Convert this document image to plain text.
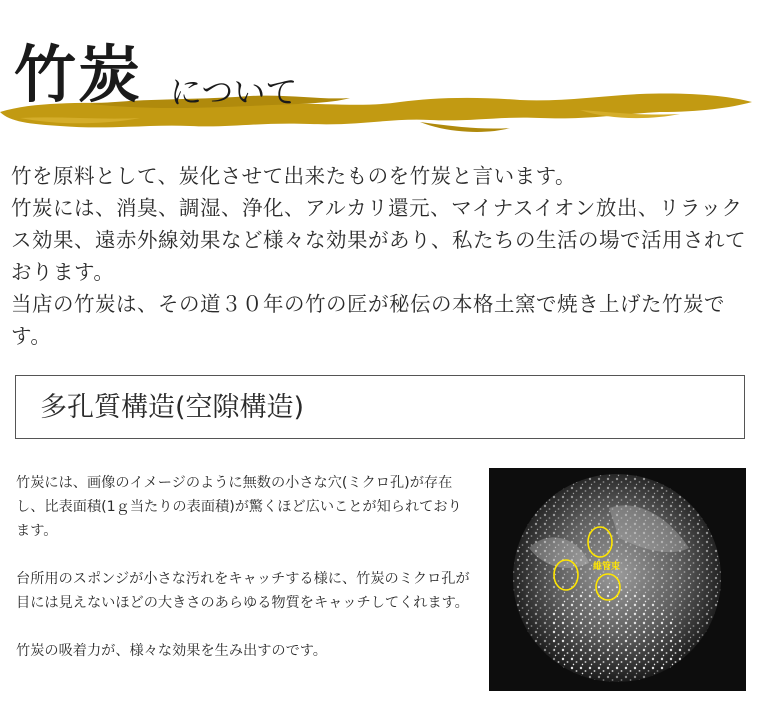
竹炭 について

竹を原料として、炭化させて出来たものを竹炭と言います。

竹炭には、消臭、調湿、浄化、アルカリ還元、マイナスイオン放出、リラックス効果、遠赤外線効果など様々な効果があり、私たちの生活の場で活用されております。

当店の竹炭は、その道３０年の竹の匠が秘伝の本格土窯で焼き上げた竹炭です。

多孔質構造(空隙構造)

竹炭には、画像のイメージのように無数の小さな穴(ミクロ孔)が存在し、比表面積(1ｇ当たりの表面積)が驚くほど広いことが知られております。

台所用のスポンジが小さな汚れをキャッチする様に、竹炭のミクロ孔が目には見えないほどの大きさのあらゆる物質をキャッチしてくれます。

竹炭の吸着力が、様々な効果を生み出すのです。

維管束
